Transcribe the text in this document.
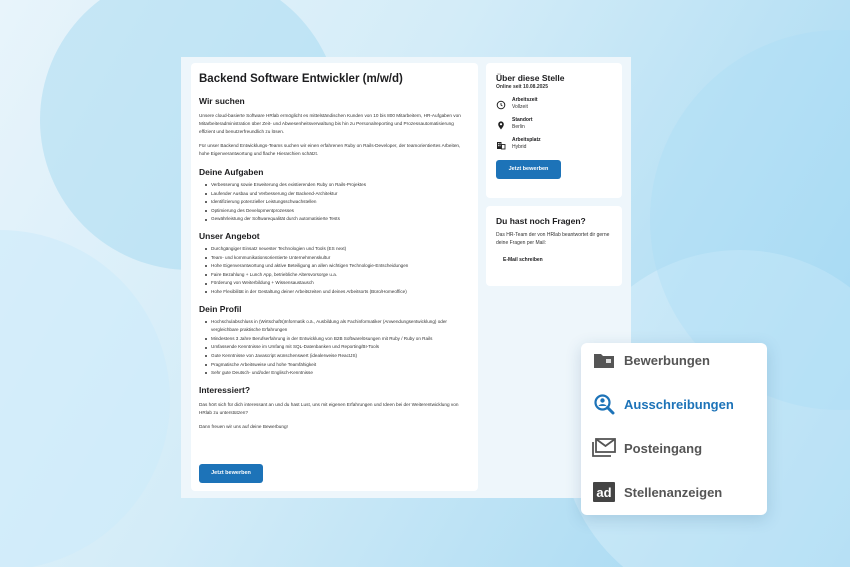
Backend Software Entwickler (m/w/d)
Wir suchen

Unsere cloud-basierte Software HRlab ermöglicht es mittelständischen Kunden von 10 bis 800 Mitarbeitern, HR-Aufgaben von Mitarbeiteradministration über Zeit- und Abwesenheitsverwaltung bis hin zu Personalreporting und Prozessautomatisierung effizient und benutzerfreundlich zu lösen.

Für unser Backend Entwicklungs-Teams suchen wir einen erfahrenen Ruby on Rails-Developer, der teamorientiertes Arbeiten, hohe Eigenverantwortung und flache Hierarchien schätzt.

Deine Aufgaben
Verbesserung sowie Erweiterung des existierenden Ruby on Rails-Projektes
Laufender Ausbau und Verbesserung der Backend-Architektur
Identifizierung potenzieller Leistungsschwachstellen
Optimierung des Developmentprozesses
Gewährleistung der Softwarequalität durch automatisierte Tests
Unser Angebot
Durchgängiger Einsatz neuester Technologien und Tools (ES next)
Team- und kommunikationsorientierte Unternehmenskultur
Hohe Eigenverantwortung und aktive Beteiligung an allen wichtigen Technologie-Entscheidungen
Faire Bezahlung + Lunch App, betriebliche Altersvorsorge u.a.
Förderung von Weiterbildung + Wissensaustausch
Hohe Flexibilität in der Gestaltung deiner Arbeitszeiten und deines Arbeitsorts (Büro/Homeoffice)
Dein Profil
Hochschulabschluss in (Wirtschafts)Informatik o.ä., Ausbildung als Fachinformatiker (Anwendungsentwicklung) oder vergleichbare praktische Erfahrungen
Mindestens 3 Jahre Berufserfahrung in der Entwicklung von B2B Softwarelösungen mit Ruby / Ruby on Rails
Umfassende Kenntnisse im Umfang mit SQL-Datenbanken und Reporting/BI-Tools
Gute Kenntnisse von Javascript wünschenswert (idealerweise ReactJS)
Pragmatische Arbeitsweise und hohe Teamfähigkeit
Sehr gute Deutsch- und/oder Englisch-Kenntnisse
Interessiert?

Das hört sich für dich interessant an und du hast Lust, uns mit eigenen Erfahrungen und Ideen bei der Weiterentwicklung von HRlab zu unterstützen?

Dann freuen wir uns auf deine Bewerbung!

Jetzt bewerben
Über diese Stelle
Online seit 10.08.2025
Arbeitszeit
Vollzeit
Standort
Berlin
Arbeitsplatz
Hybrid
Jetzt bewerben
Du hast noch Fragen?
Das HR-Team der von HRlab beantwortet dir gerne deine Fragen per Mail:
E-Mail schreiben
Bewerbungen
Ausschreibungen
Posteingang
ad Stellenanzeigen
